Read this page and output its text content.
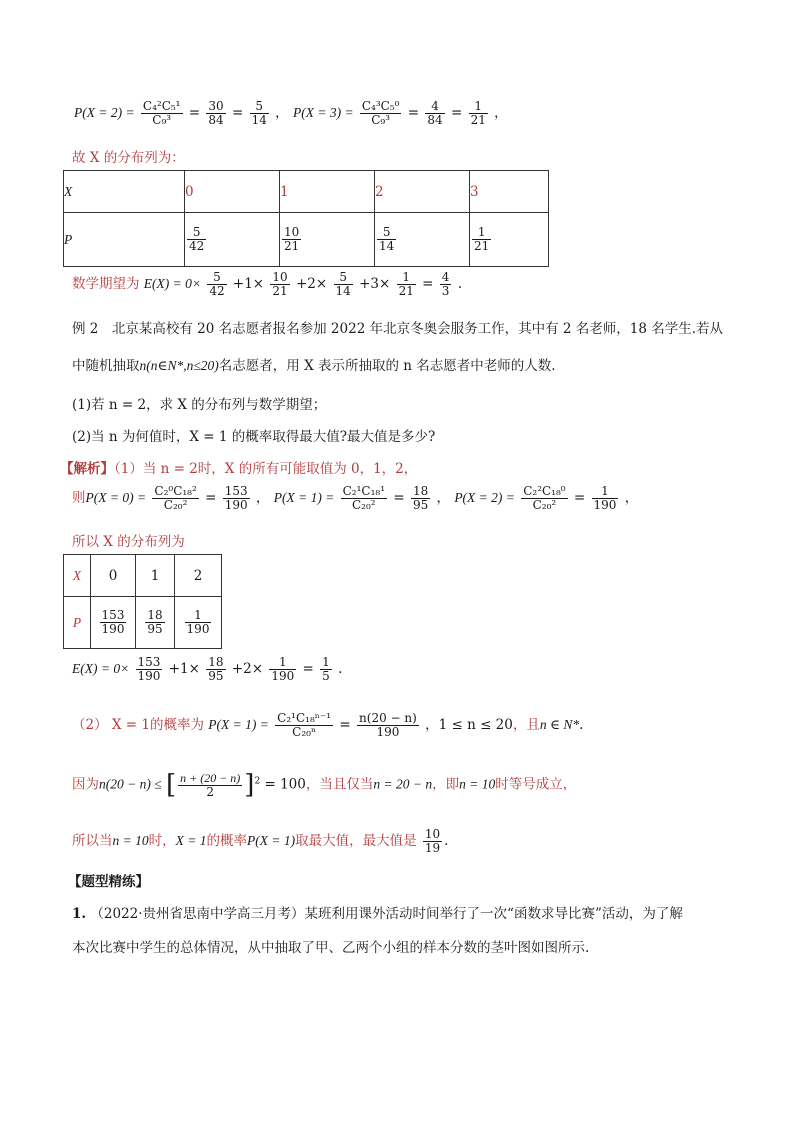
$P(X = 2) = \frac{\text{C₄²C₅¹}}{\text{C₉³}} = \frac{30}{84} = \frac{5}{14}$ ， $P(X = 3) = \frac{\text{C₄³C₅⁰}}{\text{C₉³}} = \frac{4}{84} = \frac{1}{21}$ ，
故 X 的分布列为：
X	0	1	2	3
P	$\frac{5}{42}$	$\frac{10}{21}$	$\frac{5}{14}$	$\frac{1}{21}$
数学期望为 $E(X) = 0\times \frac{5}{42} +1\times \frac{10}{21} +2\times \frac{5}{14} +3\times \frac{1}{21} = \frac{4}{3}$ .
例 2　北京某高校有 20 名志愿者报名参加 2022 年北京冬奥会服务工作，其中有 2 名老师，18 名学生.若从
中随机抽取n(n∈N*,n≤20)名志愿者，用 X 表示所抽取的 n 名志愿者中老师的人数.
(1)若 n = 2，求 X 的分布列与数学期望；
(2)当 n 为何值时，X = 1 的概率取得最大值?最大值是多少?
【解析】（1）当 n = 2时，X 的所有可能取值为 0，1，2，
则$P(X = 0) = \frac{\text{C₂⁰C₁₈²}}{\text{C₂₀²}} = \frac{153}{190}$ ， $P(X = 1) = \frac{\text{C₂¹C₁₈¹}}{\text{C₂₀²}} = \frac{18}{95}$ ， $P(X = 2) = \frac{\text{C₂²C₁₈⁰}}{\text{C₂₀²}} = \frac{1}{190}$ ，
所以 X 的分布列为
X	0	1	2
P	$\frac{153}{190}$	$\frac{18}{95}$	$\frac{1}{190}$
$E(X) = 0\times \frac{153}{190} +1\times \frac{18}{95} +2\times \frac{1}{190} = \frac{1}{5}$ .
（2） X = 1的概率为 $P(X = 1) = \frac{\text{C₂¹C₁₈ⁿ⁻¹}}{\text{C₂₀ⁿ}} = \frac{n(20 - n)}{190}$ ，1 ≤ n ≤ 20，且n ∈ N*.
因为n(20 − n) ≤ [ $\frac{n + (20 - n)}{2} ]^2 = 100$，当且仅当n = 20 − n，即n = 10时等号成立，
所以当n = 10时，X = 1的概率P(X = 1)取最大值，最大值是 $\frac{10}{19}$ .
【题型精练】
1. （2022·贵州省思南中学高三月考）某班利用课外活动时间举行了一次“函数求导比赛”活动，为了解
本次比赛中学生的总体情况，从中抽取了甲、乙两个小组的样本分数的茎叶图如图所示.
